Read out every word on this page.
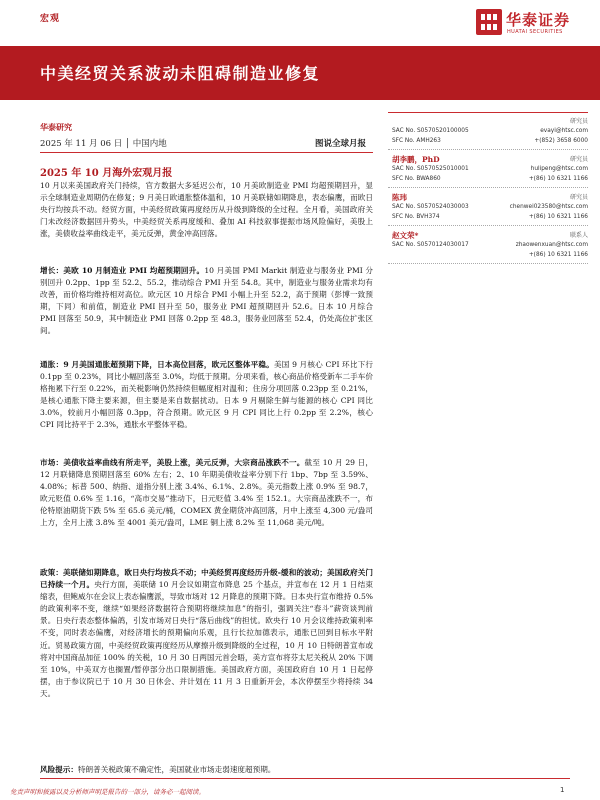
宏观	华泰证券
HUATAI SECURITIES
中美经贸关系波动未阻碍制造业修复
华泰研究
2025 年 11 月 06 日 │ 中国内地	图说全球月报
2025 年 10 月海外宏观月报
10 月以来美国政府关门持续，官方数据大多延迟公布，10 月美欧制造业 PMI 均超预期回升，显示全球制造业周期仍在修复；9 月美日欧通胀整体温和，10 月美联储如期降息，表态偏鹰，而欧日央行均按兵不动。经贸方面，中美经贸政策再度经历从升级到降级的全过程。全月看，美国政府关门未改经济数据回升势头，中美经贸关系再度缓和、叠加 AI 科技叙事提振市场风险偏好，美股上涨，美债收益率曲线走平，美元反弹，黄金冲高回落。
增长：美欧 10 月制造业 PMI 均超预期回升。10 月美国 PMI Markit 制造业与服务业 PMI 分别回升 0.2pp、1pp 至 52.2、55.2，推动综合 PMI 升至 54.8。其中，制造业与服务业需求均有改善，而价格均维持相对高位。欧元区 10 月综合 PMI 小幅上升至 52.2，高于预期（彭博一致预期，下同）和前值，制造业 PMI 回升至 50，服务业 PMI 超预期回升 52.6。日本 10 月综合 PMI 回落至 50.9，其中制造业 PMI 回落 0.2pp 至 48.3，服务业回落至 52.4，仍处高位扩张区间。
通胀：9 月美国通胀超预期下降，日本高位回落，欧元区整体平稳。美国 9 月核心 CPI 环比下行 0.1pp 至 0.23%，同比小幅回落至 3.0%，均低于预期。分项来看，核心商品价格受新车二手车价格拖累下行至 0.22%，而关税影响仍然持续但幅度相对温和；住房分项回落 0.23pp 至 0.21%，是核心通胀下降主要来源，但主要是来自数据扰动。日本 9 月剔除生鲜与能源的核心 CPI 同比 3.0%，较前月小幅回落 0.3pp，符合预期。欧元区 9 月 CPI 同比上行 0.2pp 至 2.2%，核心 CPI 同比持平于 2.3%，通胀水平整体平稳。
市场：美债收益率曲线有所走平，美股上涨，美元反弹，大宗商品涨跌不一。截至 10 月 29 日，12 月联储降息预期回落至 60% 左右；2、10 年期美债收益率分别下行 1bp、7bp 至 3.59%、4.08%；标普 500、纳指、道指分别上涨 3.4%、6.1%、2.8%。美元指数上涨 0.9% 至 98.7，欧元贬值 0.6% 至 1.16，“高市交易”推动下，日元贬值 3.4% 至 152.1。大宗商品涨跌不一，布伦特原油期货下跌 5% 至 65.6 美元/桶，COMEX 黄金期货冲高回落，月中上涨至 4,300 元/盎司上方，全月上涨 3.8% 至 4001 美元/盎司，LME 铜上涨 8.2% 至 11,068 美元/吨。
政策：美联储如期降息，欧日央行均按兵不动；中美经贸再度经历升级-缓和的波动；美国政府关门已持续一个月。央行方面，美联储 10 月会议如期宣布降息 25 个基点，并宣布在 12 月 1 日结束缩表，但鲍威尔在会议上表态偏鹰派，导致市场对 12 月降息的预期下降。日本央行宣布维持 0.5% 的政策利率不变，继续“如果经济数据符合预期将继续加息”的指引，强调关注“春斗”薪资谈判前景。日央行表态整体偏鸽，引发市场对日央行“落后曲线”的担忧。欧央行 10 月会议维持政策利率不变，同时表态偏鹰，对经济增长的预期偏向乐观，且行长拉加德表示，通胀已回到目标水平附近。贸易政策方面，中美经贸政策再度经历从摩擦升级到降级的全过程，10 月 10 日特朗普宣布或将对中国商品加征 100% 的关税，10 月 30 日两国元首会晤，美方宣布将芬太尼关税从 20% 下调至 10%，中美双方也搁置/暂停部分出口限制措施。美国政府方面，美国政府自 10 月 1 日起停摆，由于参议院已于 10 月 30 日休会、并计划在 11 月 3 日重新开会，本次停摆至少将持续 34 天。
风险提示：特朗普关税政策不确定性，美国就业市场走弱速度超预期。
研究员
SAC No. S0570520100005
SFC No. AMH263
evayi@htsc.com
+(852) 3658 6000
胡李鹏，PhD	研究员
SAC No. S0570525010001
SFC No. BWA860
hulipeng@htsc.com
+(86) 10 6321 1166
陈玮	研究员
SAC No. S0570524030003
SFC No. BVH374
chenwei023580@htsc.com
+(86) 10 6321 1166
赵文荣*	联系人
SAC No. S0570124030017	zhaowenxuan@htsc.com
+(86) 10 6321 1166
免责声明和披露以及分析师声明是报告的一部分，请务必一起阅读。	1
